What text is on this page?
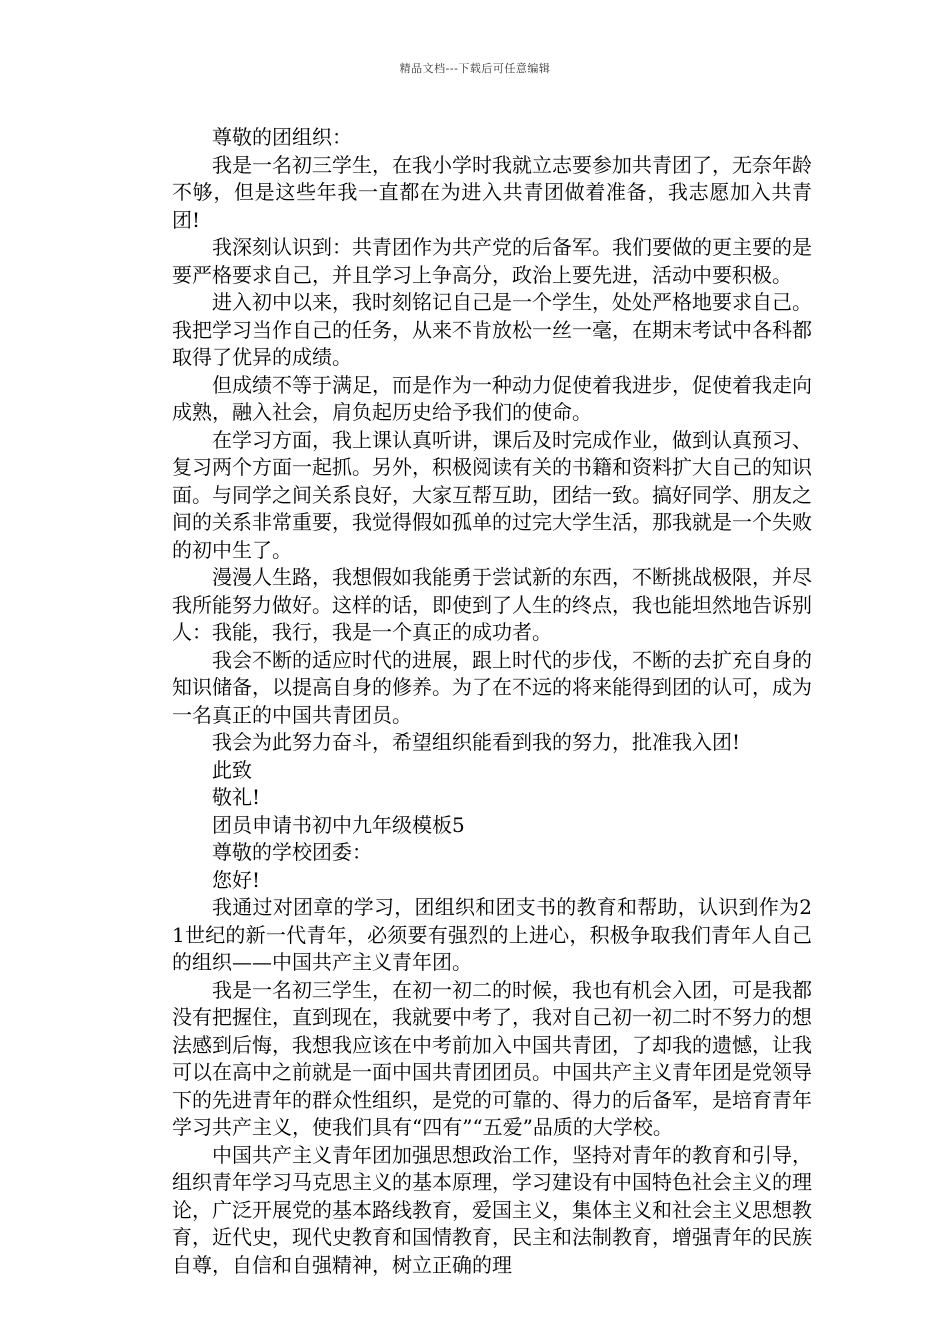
精品文档---下载后可任意编辑

尊敬的团组织：

我是一名初三学生，在我小学时我就立志要参加共青团了，无奈年龄不够，但是这些年我一直都在为进入共青团做着准备，我志愿加入共青团!

我深刻认识到：共青团作为共产党的后备军。我们要做的更主要的是要严格要求自己，并且学习上争高分，政治上要先进，活动中要积极。

进入初中以来，我时刻铭记自己是一个学生，处处严格地要求自己。我把学习当作自己的任务，从来不肯放松一丝一毫，在期末考试中各科都取得了优异的成绩。

但成绩不等于满足，而是作为一种动力促使着我进步，促使着我走向成熟，融入社会，肩负起历史给予我们的使命。

在学习方面，我上课认真听讲，课后及时完成作业，做到认真预习、复习两个方面一起抓。另外，积极阅读有关的书籍和资料扩大自己的知识面。与同学之间关系良好，大家互帮互助，团结一致。搞好同学、朋友之间的关系非常重要，我觉得假如孤单的过完大学生活，那我就是一个失败的初中生了。

漫漫人生路，我想假如我能勇于尝试新的东西，不断挑战极限，并尽我所能努力做好。这样的话，即使到了人生的终点，我也能坦然地告诉别人：我能，我行，我是一个真正的成功者。

我会不断的适应时代的进展，跟上时代的步伐，不断的去扩充自身的知识储备，以提高自身的修养。为了在不远的将来能得到团的认可，成为一名真正的中国共青团员。

我会为此努力奋斗，希望组织能看到我的努力，批准我入团!

此致

敬礼!

团员申请书初中九年级模板5

尊敬的学校团委：

您好!

我通过对团章的学习，团组织和团支书的教育和帮助，认识到作为21世纪的新一代青年，必须要有强烈的上进心，积极争取我们青年人自己的组织——中国共产主义青年团。

我是一名初三学生，在初一初二的时候，我也有机会入团，可是我都没有把握住，直到现在，我就要中考了，我对自己初一初二时不努力的想法感到后悔，我想我应该在中考前加入中国共青团，了却我的遗憾，让我可以在高中之前就是一面中国共青团团员。中国共产主义青年团是党领导下的先进青年的群众性组织，是党的可靠的、得力的后备军，是培育青年学习共产主义，使我们具有“四有”“五爱”品质的大学校。

中国共产主义青年团加强思想政治工作，坚持对青年的教育和引导，组织青年学习马克思主义的基本原理，学习建设有中国特色社会主义的理论，广泛开展党的基本路线教育，爱国主义，集体主义和社会主义思想教育，近代史，现代史教育和国情教育，民主和法制教育，增强青年的民族自尊，自信和自强精神，树立正确的理
